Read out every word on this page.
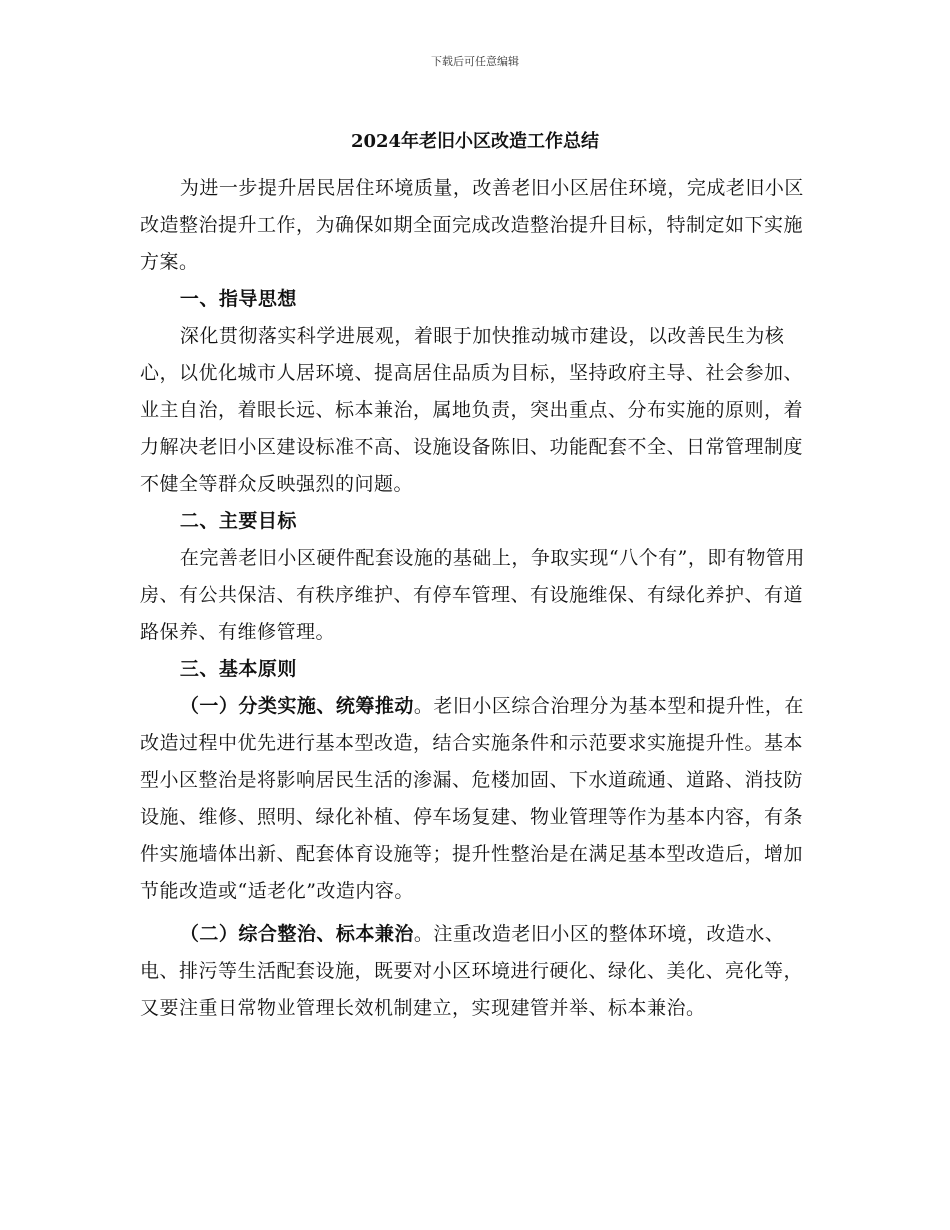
下载后可任意编辑
2024年老旧小区改造工作总结

为进一步提升居民居住环境质量，改善老旧小区居住环境，完成老旧小区改造整治提升工作，为确保如期全面完成改造整治提升目标，特制定如下实施方案。

一、指导思想

深化贯彻落实科学进展观，着眼于加快推动城市建设，以改善民生为核心，以优化城市人居环境、提高居住品质为目标，坚持政府主导、社会参加、业主自治，着眼长远、标本兼治，属地负责，突出重点、分布实施的原则，着力解决老旧小区建设标准不高、设施设备陈旧、功能配套不全、日常管理制度不健全等群众反映强烈的问题。

二、主要目标

在完善老旧小区硬件配套设施的基础上，争取实现“八个有”，即有物管用房、有公共保洁、有秩序维护、有停车管理、有设施维保、有绿化养护、有道路保养、有维修管理。

三、基本原则

（一）分类实施、统筹推动。老旧小区综合治理分为基本型和提升性，在改造过程中优先进行基本型改造，结合实施条件和示范要求实施提升性。基本型小区整治是将影响居民生活的渗漏、危楼加固、下水道疏通、道路、消技防设施、维修、照明、绿化补植、停车场复建、物业管理等作为基本内容，有条件实施墙体出新、配套体育设施等；提升性整治是在满足基本型改造后，增加节能改造或“适老化”改造内容。

（二）综合整治、标本兼治。注重改造老旧小区的整体环境，改造水、电、排污等生活配套设施，既要对小区环境进行硬化、绿化、美化、亮化等，又要注重日常物业管理长效机制建立，实现建管并举、标本兼治。
